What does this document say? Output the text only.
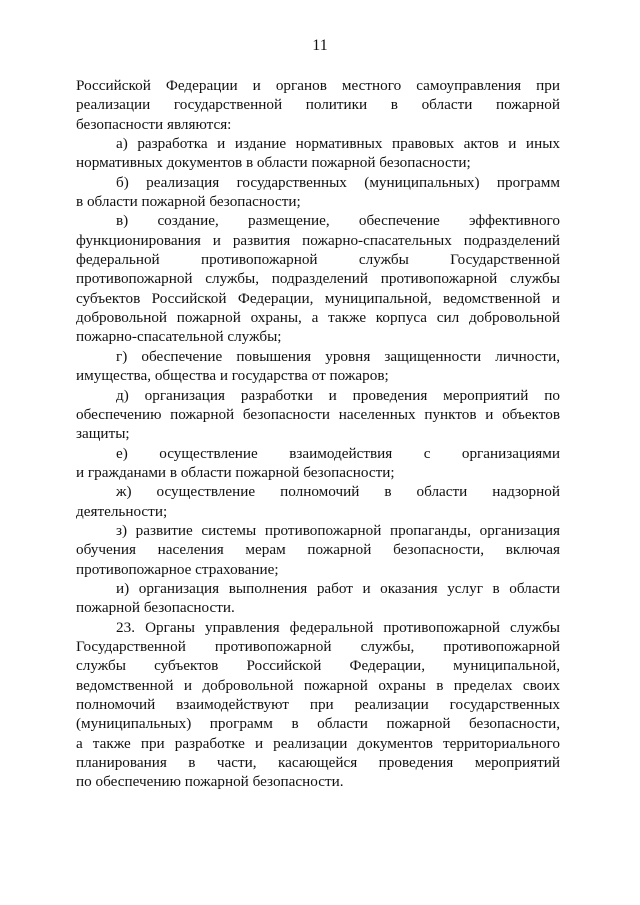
11
Российской Федерации и органов местного самоуправления при
реализации государственной политики в области пожарной
безопасности являются:
а) разработка и издание нормативных правовых актов и иных
нормативных документов в области пожарной безопасности;
б) реализация государственных (муниципальных) программ
в области пожарной безопасности;
в) создание, размещение, обеспечение эффективного
функционирования и развития пожарно-спасательных подразделений
федеральной противопожарной службы Государственной
противопожарной службы, подразделений противопожарной службы
субъектов Российской Федерации, муниципальной, ведомственной и
добровольной пожарной охраны, а также корпуса сил добровольной
пожарно-спасательной службы;
г) обеспечение повышения уровня защищенности личности,
имущества, общества и государства от пожаров;
д) организация разработки и проведения мероприятий по
обеспечению пожарной безопасности населенных пунктов и объектов
защиты;
е) осуществление взаимодействия с организациями
и гражданами в области пожарной безопасности;
ж) осуществление полномочий в области надзорной
деятельности;
з) развитие системы противопожарной пропаганды, организация
обучения населения мерам пожарной безопасности, включая
противопожарное страхование;
и) организация выполнения работ и оказания услуг в области
пожарной безопасности.
23. Органы управления федеральной противопожарной службы
Государственной противопожарной службы, противопожарной
службы субъектов Российской Федерации, муниципальной,
ведомственной и добровольной пожарной охраны в пределах своих
полномочий взаимодействуют при реализации государственных
(муниципальных) программ в области пожарной безопасности,
а также при разработке и реализации документов территориального
планирования в части, касающейся проведения мероприятий
по обеспечению пожарной безопасности.
